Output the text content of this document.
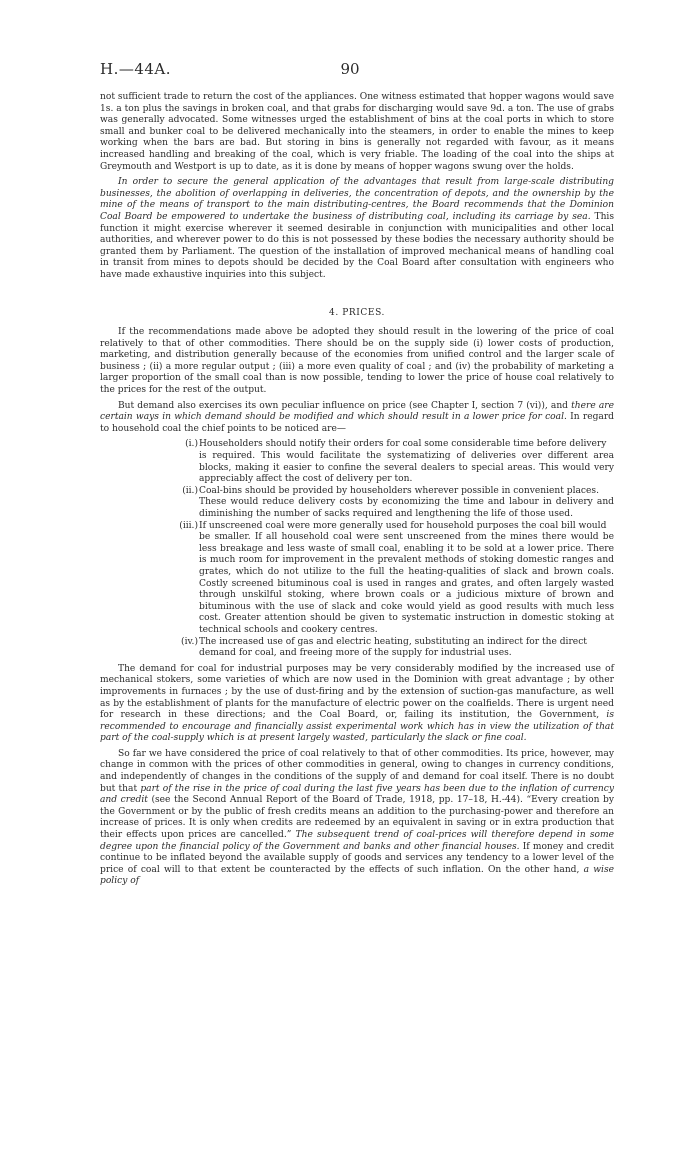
H.—44A.	90

not sufficient trade to return the cost of the appliances. One witness estimated that hopper wagons would save 1s. a ton plus the savings in broken coal, and that grabs for discharging would save 9d. a ton. The use of grabs was generally advocated. Some witnesses urged the establishment of bins at the coal ports in which to store small and bunker coal to be delivered mechanically into the steamers, in order to enable the mines to keep working when the bars are bad. But storing in bins is generally not regarded with favour, as it means increased handling and breaking of the coal, which is very friable. The loading of the coal into the ships at Greymouth and Westport is up to date, as it is done by means of hopper wagons swung over the holds.

In order to secure the general application of the advantages that result from large-scale distributing businesses, the abolition of overlapping in deliveries, the concentration of depots, and the ownership by the mine of the means of transport to the main distributing-centres, the Board recommends that the Dominion Coal Board be empowered to undertake the business of distributing coal, including its carriage by sea. This function it might exercise wherever it seemed desirable in conjunction with municipalities and other local authorities, and wherever power to do this is not possessed by these bodies the necessary authority should be granted them by Parliament. The question of the installation of improved mechanical means of handling coal in transit from mines to depots should be decided by the Coal Board after consultation with engineers who have made exhaustive inquiries into this subject.

4. PRICES.

If the recommendations made above be adopted they should result in the lowering of the price of coal relatively to that of other commodities. There should be on the supply side (i) lower costs of production, marketing, and distribution generally because of the economies from unified control and the larger scale of business ; (ii) a more regular output ; (iii) a more even quality of coal ; and (iv) the probability of marketing a larger proportion of the small coal than is now possible, tending to lower the price of house coal relatively to the prices for the rest of the output.

But demand also exercises its own peculiar influence on price (see Chapter I, section 7 (vi)), and there are certain ways in which demand should be modified and which should result in a lower price for coal. In regard to household coal the chief points to be noticed are—

(i.) Householders should notify their orders for coal some considerable time before delivery
is required. This would facilitate the systematizing of deliveries over different area blocks, making it easier to confine the several dealers to special areas. This would very appreciably affect the cost of delivery per ton.
(ii.) Coal-bins should be provided by householders wherever possible in convenient places.
These would reduce delivery costs by economizing the time and labour in delivery and diminishing the number of sacks required and lengthening the life of those used.
(iii.) If unscreened coal were more generally used for household purposes the coal bill would
be smaller. If all household coal were sent unscreened from the mines there would be less breakage and less waste of small coal, enabling it to be sold at a lower price. There is much room for improvement in the prevalent methods of stoking domestic ranges and grates, which do not utilize to the full the heating-qualities of slack and brown coals. Costly screened bituminous coal is used in ranges and grates, and often largely wasted through unskilful stoking, where brown coals or a judicious mixture of brown and bituminous with the use of slack and coke would yield as good results with much less cost. Greater attention should be given to systematic instruction in domestic stoking at technical schools and cookery centres.
(iv.) The increased use of gas and electric heating, substituting an indirect for the direct
demand for coal, and freeing more of the supply for industrial uses.

The demand for coal for industrial purposes may be very considerably modified by the increased use of mechanical stokers, some varieties of which are now used in the Dominion with great advantage ; by other improvements in furnaces ; by the use of dust-firing and by the extension of suction-gas manufacture, as well as by the establishment of plants for the manufacture of electric power on the coalfields. There is urgent need for research in these directions; and the Coal Board, or, failing its institution, the Government, is recommended to encourage and financially assist experimental work which has in view the utilization of that part of the coal-supply which is at present largely wasted, particularly the slack or fine coal.

So far we have considered the price of coal relatively to that of other commodities. Its price, however, may change in common with the prices of other commodities in general, owing to changes in currency conditions, and independently of changes in the conditions of the supply of and demand for coal itself. There is no doubt but that part of the rise in the price of coal during the last five years has been due to the inflation of currency and credit (see the Second Annual Report of the Board of Trade, 1918, pp. 17–18, H.-44). “Every creation by the Government or by the public of fresh credits means an addition to the purchasing-power and therefore an increase of prices. It is only when credits are redeemed by an equivalent in saving or in extra production that their effects upon prices are cancelled.” The subsequent trend of coal-prices will therefore depend in some degree upon the financial policy of the Government and banks and other financial houses. If money and credit continue to be inflated beyond the available supply of goods and services any tendency to a lower level of the price of coal will to that extent be counteracted by the effects of such inflation. On the other hand, a wise policy of
